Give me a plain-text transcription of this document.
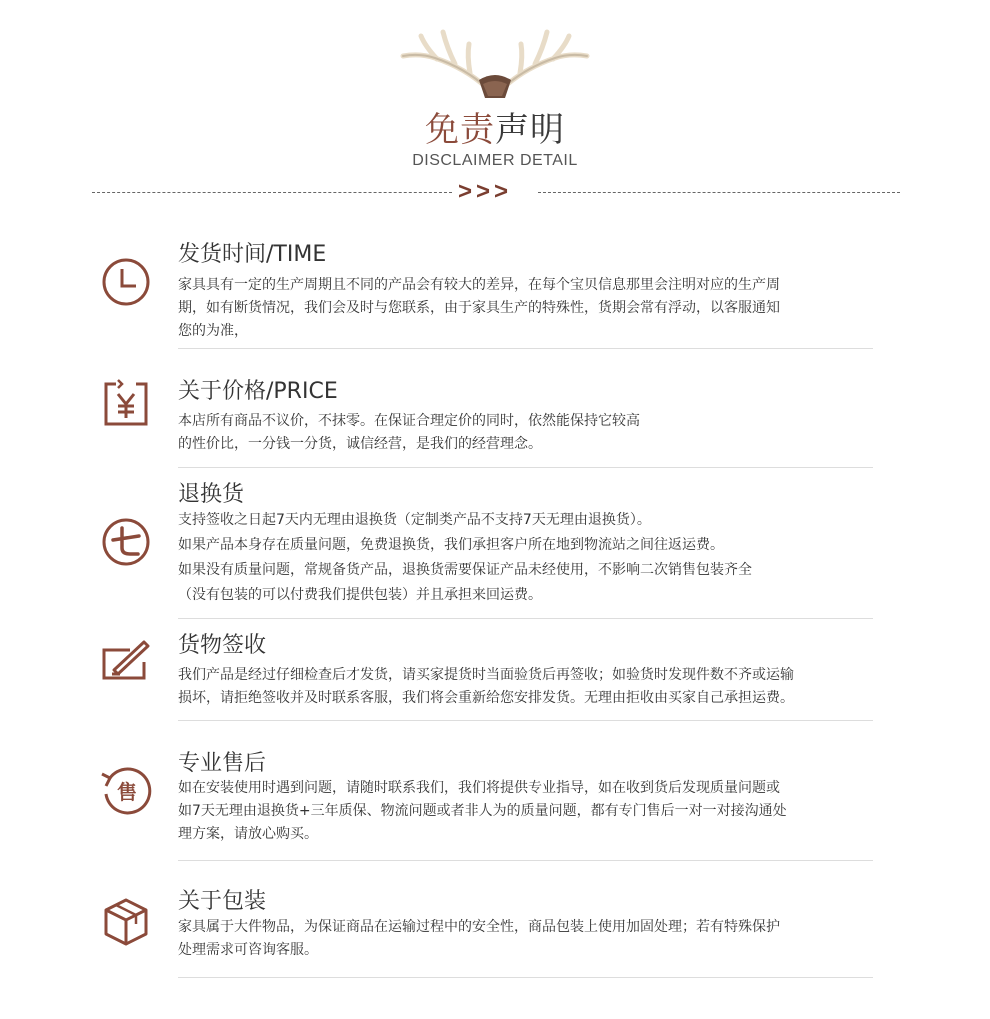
免责声明
DISCLAIMER DETAIL
>>>
发货时间/TIME

家具具有一定的生产周期且不同的产品会有较大的差异，在每个宝贝信息那里会注明对应的生产周

期，如有断货情况，我们会及时与您联系，由于家具生产的特殊性，货期会常有浮动，以客服通知

您的为准，

关于价格/PRICE

本店所有商品不议价，不抹零。在保证合理定价的同时，依然能保持它较高

的性价比，一分钱一分货，诚信经营，是我们的经营理念。

退换货

支持签收之日起7天内无理由退换货（定制类产品不支持7天无理由退换货）。

如果产品本身存在质量问题，免费退换货，我们承担客户所在地到物流站之间往返运费。

如果没有质量问题，常规备货产品，退换货需要保证产品未经使用，不影响二次销售包装齐全

（没有包装的可以付费我们提供包装）并且承担来回运费。

货物签收

我们产品是经过仔细检查后才发货，请买家提货时当面验货后再签收；如验货时发现件数不齐或运输

损坏，请拒绝签收并及时联系客服，我们将会重新给您安排发货。无理由拒收由买家自己承担运费。

售
专业售后

如在安装使用时遇到问题，请随时联系我们，我们将提供专业指导，如在收到货后发现质量问题或

如7天无理由退换货+三年质保、物流问题或者非人为的质量问题，都有专门售后一对一对接沟通处

理方案，请放心购买。

关于包装

家具属于大件物品，为保证商品在运输过程中的安全性，商品包装上使用加固处理；若有特殊保护

处理需求可咨询客服。
